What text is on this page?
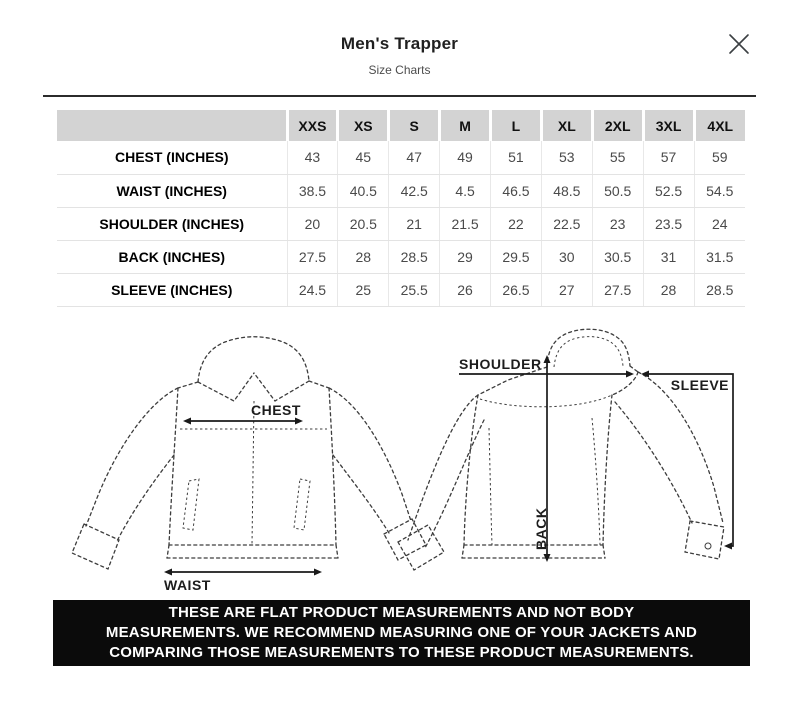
Men's Trapper
Size Charts
	XXS	XS	S	M	L	XL	2XL	3XL	4XL
CHEST (INCHES)	43	45	47	49	51	53	55	57	59
WAIST (INCHES)	38.5	40.5	42.5	4.5	46.5	48.5	50.5	52.5	54.5
SHOULDER (INCHES)	20	20.5	21	21.5	22	22.5	23	23.5	24
BACK (INCHES)	27.5	28	28.5	29	29.5	30	30.5	31	31.5
SLEEVE (INCHES)	24.5	25	25.5	26	26.5	27	27.5	28	28.5
CHEST
WAIST
SHOULDER
SLEEVE
BACK

THESE ARE FLAT PRODUCT MEASUREMENTS AND NOT BODY MEASUREMENTS. WE RECOMMEND MEASURING ONE OF YOUR JACKETS AND COMPARING THOSE MEASUREMENTS TO THESE PRODUCT MEASUREMENTS.
